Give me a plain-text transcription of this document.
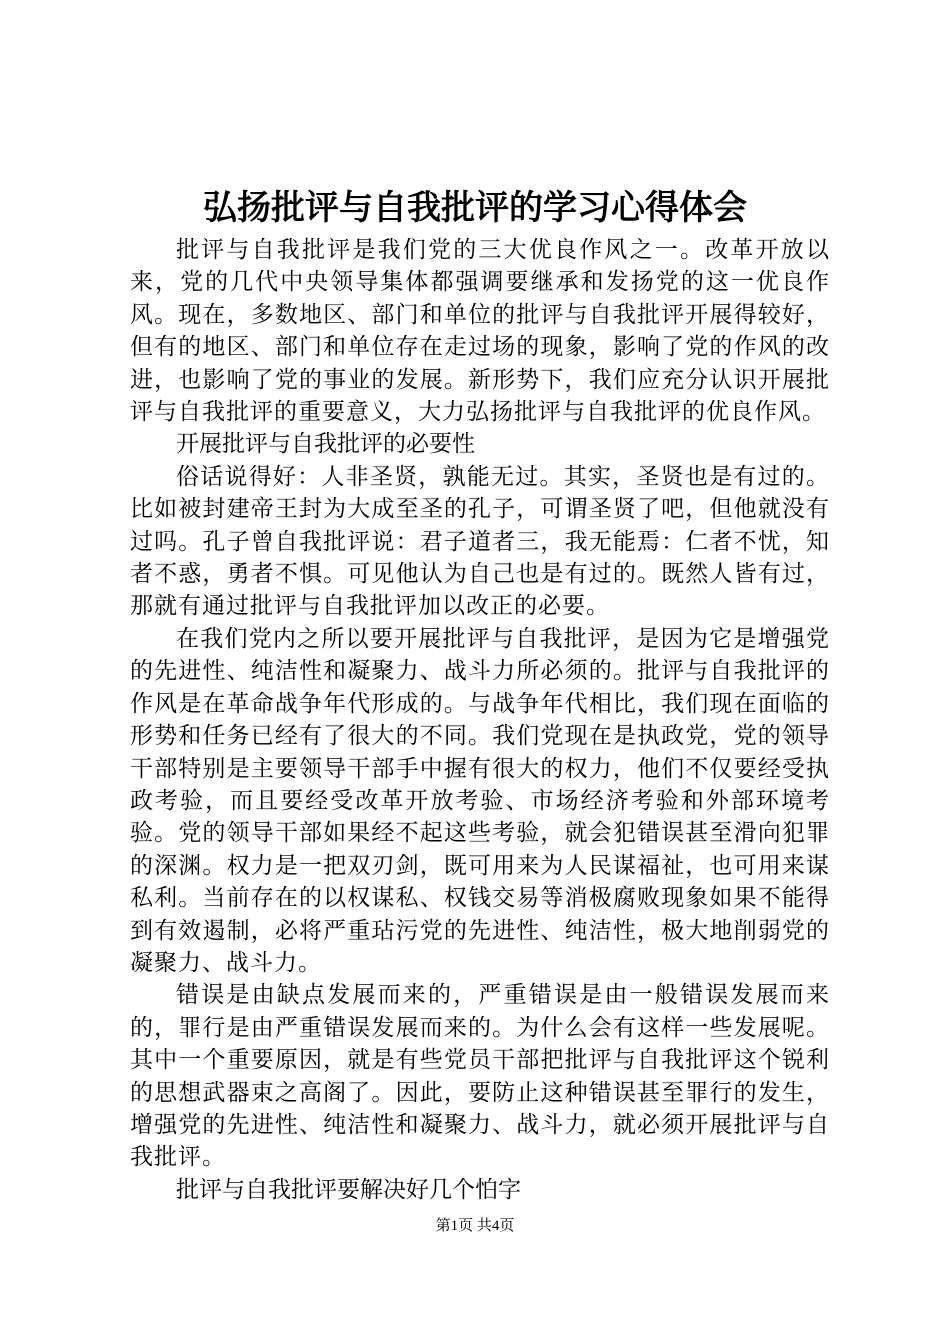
弘扬批评与自我批评的学习心得体会

批评与自我批评是我们党的三大优良作风之一。改革开放以来，党的几代中央领导集体都强调要继承和发扬党的这一优良作风。现在，多数地区、部门和单位的批评与自我批评开展得较好，但有的地区、部门和单位存在走过场的现象，影响了党的作风的改进，也影响了党的事业的发展。新形势下，我们应充分认识开展批评与自我批评的重要意义，大力弘扬批评与自我批评的优良作风。

开展批评与自我批评的必要性

俗话说得好：人非圣贤，孰能无过。其实，圣贤也是有过的。比如被封建帝王封为大成至圣的孔子，可谓圣贤了吧，但他就没有过吗。孔子曾自我批评说：君子道者三，我无能焉：仁者不忧，知者不惑，勇者不惧。可见他认为自己也是有过的。既然人皆有过，那就有通过批评与自我批评加以改正的必要。

在我们党内之所以要开展批评与自我批评，是因为它是增强党的先进性、纯洁性和凝聚力、战斗力所必须的。批评与自我批评的作风是在革命战争年代形成的。与战争年代相比，我们现在面临的形势和任务已经有了很大的不同。我们党现在是执政党，党的领导干部特别是主要领导干部手中握有很大的权力，他们不仅要经受执政考验，而且要经受改革开放考验、市场经济考验和外部环境考验。党的领导干部如果经不起这些考验，就会犯错误甚至滑向犯罪的深渊。权力是一把双刃剑，既可用来为人民谋福祉，也可用来谋私利。当前存在的以权谋私、权钱交易等消极腐败现象如果不能得到有效遏制，必将严重玷污党的先进性、纯洁性，极大地削弱党的凝聚力、战斗力。

错误是由缺点发展而来的，严重错误是由一般错误发展而来的，罪行是由严重错误发展而来的。为什么会有这样一些发展呢。其中一个重要原因，就是有些党员干部把批评与自我批评这个锐利的思想武器束之高阁了。因此，要防止这种错误甚至罪行的发生，增强党的先进性、纯洁性和凝聚力、战斗力，就必须开展批评与自我批评。

批评与自我批评要解决好几个怕字

第1页 共4页
